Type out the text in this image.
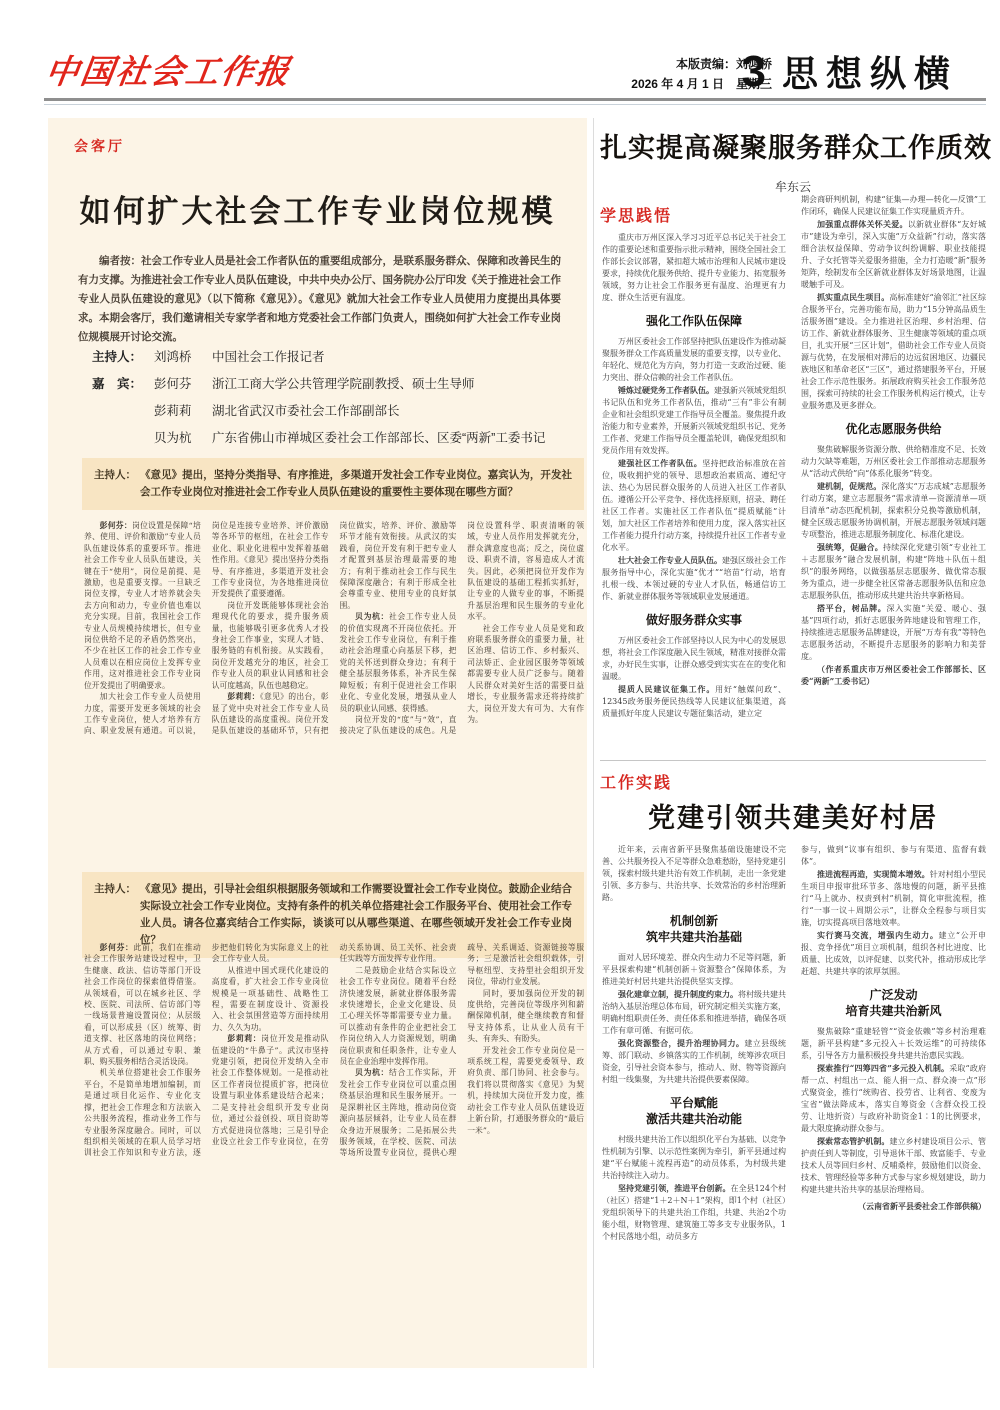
中国社会工作报	本版责编：刘鸿桥
2026 年 4 月 1 日　星期三
3 思想纵横
会客厅
如何扩大社会工作专业岗位规模

编者按：社会工作专业人员是社会工作者队伍的重要组成部分，是联系服务群众、保障和改善民生的有力支撑。为推进社会工作专业人员队伍建设，中共中央办公厅、国务院办公厅印发《关于推进社会工作专业人员队伍建设的意见》（以下简称《意见》）。《意见》就加大社会工作专业人员使用力度提出具体要求。本期会客厅，我们邀请相关专家学者和地方党委社会工作部门负责人，围绕如何扩大社会工作专业岗位规模展开讨论交流。

主持人： 刘鸿桥	中国社会工作报记者
嘉　宾： 彭何芬	浙江工商大学公共管理学院副教授、硕士生导师
彭莉莉	湖北省武汉市委社会工作部副部长
贝为杭	广东省佛山市禅城区委社会工作部部长、区委“两新”工委书记
主持人： 《意见》提出，坚持分类指导、有序推进，多渠道开发社会工作专业岗位。嘉宾认为，开发社会工作专业岗位对推进社会工作专业人员队伍建设的重要性主要体现在哪些方面？

彭何芬：岗位设置是保障“培养、使用、评价和激励”专业人员队伍建设体系的重要环节。推进社会工作专业人员队伍建设，关键在于“使用”，岗位是前提、是激励，也是重要支撑。一旦缺乏岗位支撑，专业人才培养就会失去方向和动力，专业价值也难以充分实现。目前，我国社会工作专业人员规模持续增长，但专业岗位供给不足的矛盾仍然突出，不少在社区工作的社会工作专业人员难以在相应岗位上发挥专业作用，这对推进社会工作专业岗位开发提出了明确要求。

加大社会工作专业人员使用力度，需要开发更多领域的社会工作专业岗位，使人才培养有方向、职业发展有通道。可以说，岗位是连接专业培养、评价激励等各环节的枢纽，在社会工作专业化、职业化进程中发挥着基础性作用。《意见》提出坚持分类指导、有序推进，多渠道开发社会工作专业岗位，为各地推进岗位开发提供了重要遵循。

岗位开发既能够体现社会治理现代化的要求，提升服务质量，也能够吸引更多优秀人才投身社会工作事业，实现人才链、服务链的有机衔接。从实践看，岗位开发越充分的地区，社会工作专业人员的职业认同感和社会认可度越高，队伍也越稳定。

彭莉莉：《意见》的出台，彰显了党中央对社会工作专业人员队伍建设的高度重视。岗位开发是队伍建设的基础环节，只有把岗位做实，培养、评价、激励等环节才能有效衔接。从武汉的实践看，岗位开发有利于把专业人才配置到基层治理最需要的地方；有利于推动社会工作与民生保障深度融合；有利于形成全社会尊重专业、使用专业的良好氛围。

贝为杭：社会工作专业人员的价值实现离不开岗位依托。开发社会工作专业岗位，有利于推动社会治理重心向基层下移，把党的关怀送到群众身边；有利于健全基层服务体系，补齐民生保障短板；有利于促进社会工作职业化、专业化发展，增强从业人员的职业认同感、获得感。

岗位开发的“度”与“效”，直接决定了队伍建设的成色。凡是岗位设置科学、职责清晰的领域，专业人员作用发挥就充分，群众满意度也高；反之，岗位虚设、职责不清，容易造成人才流失。因此，必须把岗位开发作为队伍建设的基础工程抓实抓好，让专业的人做专业的事，不断提升基层治理和民生服务的专业化水平。

社会工作专业人员是党和政府联系服务群众的重要力量，社区治理、信访工作、乡村振兴、司法矫正、企业园区服务等领域都需要专业人员广泛参与。随着人民群众对美好生活的需要日益增长，专业服务需求还将持续扩大，岗位开发大有可为、大有作为。

主持人： 《意见》提出，引导社会组织根据服务领域和工作需要设置社会工作专业岗位。鼓励企业结合实际设立社会工作专业岗位。支持有条件的机关单位搭建社会工作服务平台、使用社会工作专业人员。请各位嘉宾结合工作实际，谈谈可以从哪些渠道、在哪些领域开发社会工作专业岗位？

彭何芬：此前，我们在推动社会工作服务站建设过程中，卫生健康、政法、信访等部门开设社会工作岗位的探索值得借鉴。从领域看，可以在城乡社区、学校、医院、司法所、信访部门等一线场景普遍设置岗位；从层级看，可以形成县（区）统筹、街道支撑、社区落地的岗位网络；从方式看，可以通过专职、兼职、购买服务相结合灵活设岗。

机关单位搭建社会工作服务平台，不是简单地增加编制，而是通过项目化运作、专业化支撑，把社会工作理念和方法嵌入公共服务流程，推动业务工作与专业服务深度融合。同时，可以组织相关领域的在职人员学习培训社会工作知识和专业方法，逐步把他们转化为实际意义上的社会工作专业人员。

从推进中国式现代化建设的高度看，扩大社会工作专业岗位规模是一项基础性、战略性工程，需要在制度设计、资源投入、社会氛围营造等方面持续用力、久久为功。

彭莉莉：岗位开发是推动队伍建设的“牛鼻子”。武汉市坚持党建引领，把岗位开发纳入全市社会工作整体规划。一是推动社区工作者岗位提质扩容，把岗位设置与职业体系建设结合起来；二是支持社会组织开发专业岗位，通过公益创投、项目资助等方式促进岗位落地；三是引导企业设立社会工作专业岗位，在劳动关系协调、员工关怀、社会责任实践等方面发挥专业作用。

二是鼓励企业结合实际设立社会工作专业岗位。随着平台经济快速发展，新就业群体服务需求快速增长，企业文化建设、员工心理关怀等都需要专业力量。可以推动有条件的企业把社会工作岗位纳入人力资源规划，明确岗位职责和任职条件，让专业人员在企业治理中发挥作用。

贝为杭：结合工作实际，开发社会工作专业岗位可以重点围绕基层治理和民生服务展开。一是深耕社区主阵地，推动岗位资源向基层倾斜，让专业人员在群众身边开展服务；二是拓展公共服务领域，在学校、医院、司法等场所设置专业岗位，提供心理疏导、关系调适、资源链接等服务；三是激活社会组织载体，引导枢纽型、支持型社会组织开发岗位，带动行业发展。

同时，要加强岗位开发的制度供给，完善岗位等级序列和薪酬保障机制，健全继续教育和督导支持体系，让从业人员有干头、有奔头、有盼头。

开发社会工作专业岗位是一项系统工程，需要党委领导、政府负责、部门协同、社会参与。我们将以贯彻落实《意见》为契机，持续加大岗位开发力度，推动社会工作专业人员队伍建设迈上新台阶，打通服务群众的“最后一米”。

扎实提高凝聚服务群众工作质效
牟东云
学思践悟

重庆市万州区深入学习习近平总书记关于社会工作的重要论述和重要指示批示精神，围绕全国社会工作部长会议部署，紧扣超大城市治理和人民城市建设要求，持续优化服务供给、提升专业能力、拓宽服务领域，努力让社会工作服务更有温度、治理更有力度、群众生活更有温度。

强化工作队伍保障

万州区委社会工作部坚持把队伍建设作为推动凝聚服务群众工作高质量发展的重要支撑，以专业化、年轻化、规范化为方向，努力打造一支政治过硬、能力突出、群众信赖的社会工作者队伍。

锤炼过硬党务工作者队伍。建强新兴领域党组织书记队伍和党务工作者队伍，推动“三有”非公有制企业和社会组织党建工作指导员全覆盖。聚焦提升政治能力和专业素养，开展新兴领域党组织书记、党务工作者、党建工作指导员全覆盖轮训，确保党组织和党员作用有效发挥。

建强社区工作者队伍。坚持把政治标准放在首位，吸收拥护党的领导、思想政治素质高、遵纪守法、热心为居民群众服务的人员进入社区工作者队伍。遵循公开公平竞争、择优选择原则，招录、聘任社区工作者。实施社区工作者队伍“提质赋能”计划，加大社区工作者培养和使用力度，深入落实社区工作者能力提升行动方案，持续提升社区工作者专业化水平。

壮大社会工作专业人员队伍。建强区级社会工作服务指导中心，深化实施“优才”“培苗”行动，培育扎根一线、本领过硬的专业人才队伍，畅通信访工作、新就业群体服务等领域职业发展通道。

做好服务群众实事

万州区委社会工作部坚持以人民为中心的发展思想，将社会工作深度融入民生领域，精准对接群众需求，办好民生实事，让群众感受到实实在在的变化和温暖。

提质人民建议征集工作。用好“触媒问政”、12345政务服务便民热线等人民建议征集渠道，高质量抓好年度人民建议专题征集活动，建立定

期会商研判机制，构建“征集—办理—转化—反馈”工作闭环，确保人民建议征集工作实现量质齐升。

加强重点群体关怀关爱。以新就业群体“友好城市”建设为牵引，深入实施“万众益新”行动，落实落细合法权益保障、劳动争议纠纷调解、职业技能提升、子女托管等关爱服务措施，全力打造暖“新”服务矩阵，绘制发布全区新就业群体友好场景地图，让温暖触手可及。

抓实重点民生项目。高标准建好“渝邻汇”社区综合服务平台，完善功能布局，助力“15分钟高品质生活服务圈”建设。全力推进社区治理、乡村治理、信访工作、新就业群体服务、卫生健康等领域的重点项目，扎实开展“三区计划”，借助社会工作专业人员资源与优势，在发展相对滞后的边远贫困地区、边疆民族地区和革命老区“三区”，通过搭建服务平台，开展社会工作示范性服务。拓展政府购买社会工作服务范围，探索可持续的社会工作服务机构运行模式，让专业服务惠及更多群众。

优化志愿服务供给

聚焦破解服务资源分散、供给精准度不足、长效动力欠缺等难题，万州区委社会工作部推动志愿服务从“活动式供给”向“体系化服务”转变。

建机制，促规范。深化落实“万志成城”志愿服务行动方案，建立志愿服务“需求清单—资源清单—项目清单”动态匹配机制，探索积分兑换等激励机制，健全区级志愿服务协调机制，开展志愿服务领域问题专项整治，推进志愿服务制度化、标准化建设。

强统筹，促融合。持续深化党建引领“专业社工＋志愿服务”融合发展机制，构建“阵地＋队伍＋组织”的服务网络，以做强基层志愿服务、做优常态服务为重点，进一步健全社区常备志愿服务队伍和应急志愿服务队伍，推动形成共建共治共享新格局。

搭平台，树品牌。深入实施“关爱、暖心、强基”四项行动，抓好志愿服务阵地建设和管理工作，持续推进志愿服务品牌建设，开展“万寿有我”等特色志愿服务活动，不断提升志愿服务的影响力和美誉度。

（作者系重庆市万州区委社会工作部部长、区委“两新”工委书记）

工作实践
党建引领共建美好村居

近年来，云南省新平县聚焦基础设施建设不完善、公共服务投入不足等群众急难愁盼，坚持党建引领，探索村级共建共治有效工作机制，走出一条党建引领、多方参与、共治共享、长效常治的乡村治理新路。

机制创新
筑牢共建共治基础

面对人居环境差、群众内生动力不足等问题，新平县探索构建“机制创新＋资源整合”保障体系，为推进美好村居共建共治提供坚实支撑。

强化建章立制，提升制度约束力。将村级共建共治纳入基层治理总体布局，研究制定相关实施方案，明确村组职责任务、责任体系和推进举措，确保各项工作有章可循、有据可依。

强化资源整合，提升治理协同力。建立县级统筹、部门联动、乡镇落实的工作机制，统筹涉农项目资金，引导社会资本参与，推动人、财、物等资源向村组一线集聚，为共建共治提供要素保障。

平台赋能
激活共建共治动能

村级共建共治工作以组织化平台为基础、以竞争性机制为引擎、以示范性案例为牵引，新平县通过构建“平台赋能＋流程再造”的动员体系，为村级共建共治持续注入动力。

坚持党建引领，推进平台创新。在全县124个村（社区）搭建“1＋2＋N＋1”架构，即1个村（社区）党组织领导下的共建共治工作组，共建、共治2个功能小组，财物管理、建筑施工等多支专业服务队，1个村民落地小组，动员多方

参与，做到“议事有组织、参与有渠道、监督有载体”。

推进流程再造，实现简本增效。针对村组小型民生项目申报审批环节多、落地慢的问题，新平县推行“马上就办、权责到村”机制，简化审批流程，推行“一事一议＋周期公示”，让群众全程参与项目实施，切实提高项目落地效率。

实行赛马交流，增强内生动力。建立“公开申报、竞争择优”项目立项机制，组织各村比进度、比质量、比成效，以评促建、以奖代补，推动形成比学赶超、共建共享的浓厚氛围。

广泛发动
培育共建共治新风

聚焦破除“重建轻管”“资金依赖”等乡村治理难题，新平县构建“多元投入＋长效运维”的可持续体系，引导各方力量积极投身共建共治惠民实践。

探索推行“四筹四省”多元投入机制。采取“政府帮一点、村组出一点、能人捐一点、群众凑一点”形式聚资金，推行“统购省、投劳省、让利省、变废为宝省”做法降成本，落实自筹资金（含群众投工投劳、让地折资）与政府补助资金1∶1的比例要求，最大限度撬动群众参与。

探索常态管护机制。建立乡村建设项目公示、管护责任到人等制度，引导退休干部、致富能手、专业技术人员等回归乡村、反哺桑梓，鼓励他们以资金、技术、管理经验等多种方式参与家乡规划建设，助力构建共建共治共享的基层治理格局。

（云南省新平县委社会工作部供稿）
